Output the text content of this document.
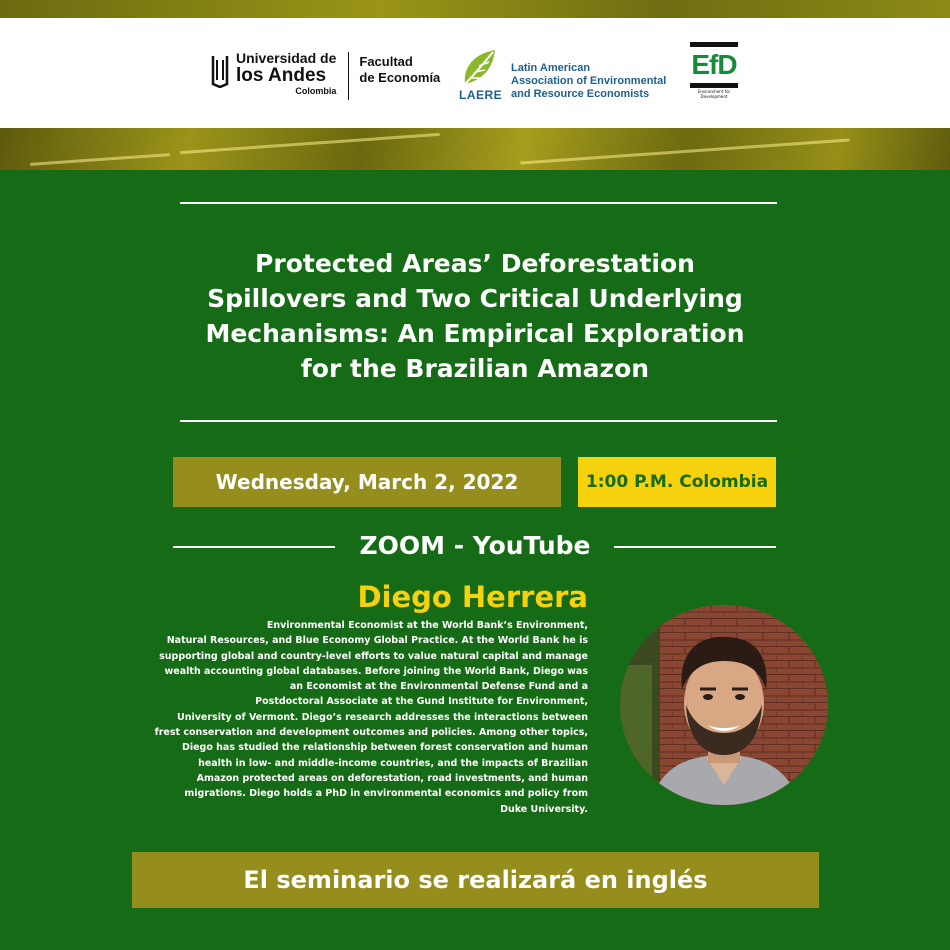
Universidad de
los Andes
Colombia
Facultad
de Economía
LAERE
Latin American
Association of Environmental
and Resource Economists
EfD
Environment for Development
Protected Areas’ Deforestation
Spillovers and Two Critical Underlying
Mechanisms: An Empirical Exploration
for the Brazilian Amazon
Wednesday, March 2, 2022	1:00 P.M. Colombia
ZOOM - YouTube
Diego Herrera
Environmental Economist at the World Bank’s Environment,
Natural Resources, and Blue Economy Global Practice. At the World Bank he is
supporting global and country-level efforts to value natural capital and manage
wealth accounting global databases. Before joining the World Bank, Diego was
an Economist at the Environmental Defense Fund and a
Postdoctoral Associate at the Gund Institute for Environment,
University of Vermont. Diego’s research addresses the interactions between
frest conservation and development outcomes and policies. Among other topics,
Diego has studied the relationship between forest conservation and human
health in low- and middle-income countries, and the impacts of Brazilian
Amazon protected areas on deforestation, road investments, and human
migrations. Diego holds a PhD in environmental economics and policy from
Duke University.
El seminario se realizará en inglés
